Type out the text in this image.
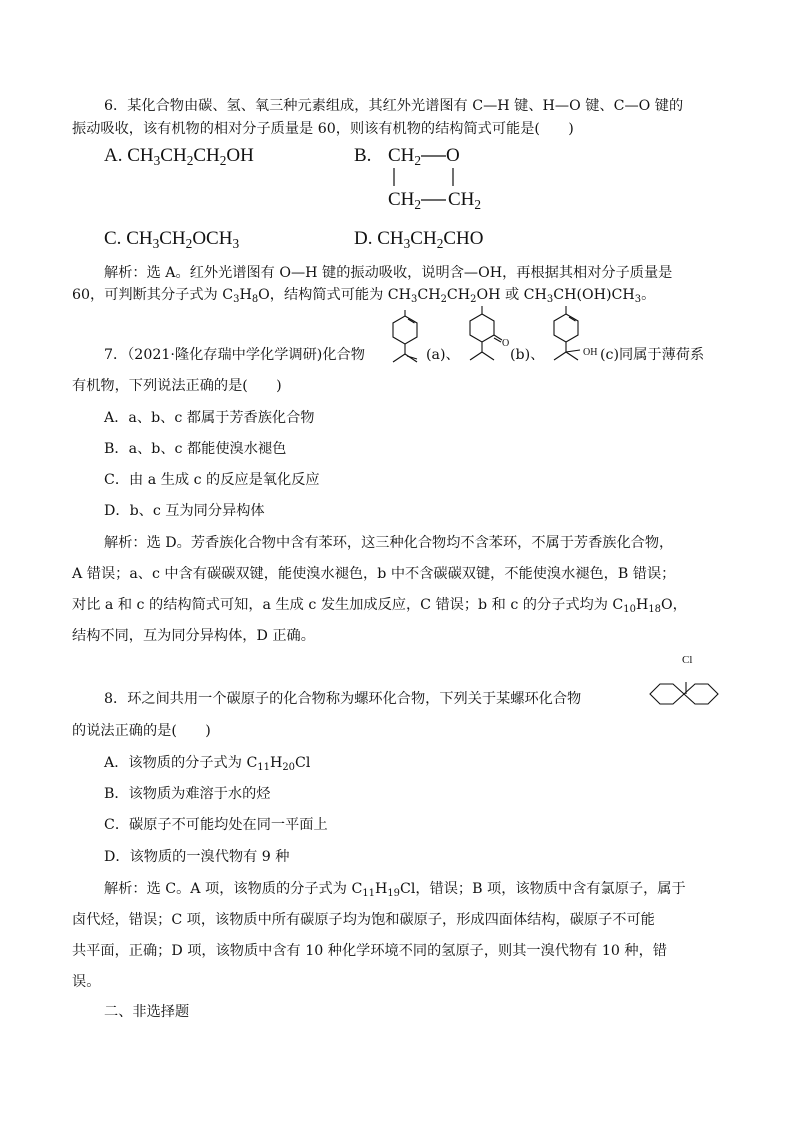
6．某化合物由碳、氢、氧三种元素组成，其红外光谱图有 C—H 键、H—O 键、C—O 键的
振动吸收，该有机物的相对分子质量是 60，则该有机物的结构简式可能是(　　)
A. $CH_3CH_2CH_2OH$	B. $CH_2$ O
$CH_2$ $CH_2$
C. $CH_3CH_2OCH_3$	D. $CH_3CH_2CHO$
解析：选 A。红外光谱图有 O—H 键的振动吸收，说明含—OH，再根据其相对分子质量是
60，可判断其分子式为 $C_3H_8O$，结构简式可能为 $CH_3CH_2CH_2OH$ 或 $CH_3CH(OH)CH_3$。
7．（2021·隆化存瑞中学化学调研)化合物	(a)、
O
(b)、	OH (c)同属于薄荷系
有机物，下列说法正确的是(　　)
A．a、b、c 都属于芳香族化合物
B．a、b、c 都能使溴水褪色
C．由 a 生成 c 的反应是氧化反应
D．b、c 互为同分异构体
解析：选 D。芳香族化合物中含有苯环，这三种化合物均不含苯环，不属于芳香族化合物，
A 错误；a、c 中含有碳碳双键，能使溴水褪色，b 中不含碳碳双键，不能使溴水褪色，B 错误；
对比 a 和 c 的结构简式可知，a 生成 c 发生加成反应，C 错误；b 和 c 的分子式均为 $C_{10}H_{18}O$，
结构不同，互为同分异构体，D 正确。
8．环之间共用一个碳原子的化合物称为螺环化合物，下列关于某螺环化合物
Cl
的说法正确的是(　　)
A．该物质的分子式为 $C_{11}H_{20}Cl$
B．该物质为难溶于水的烃
C．碳原子不可能均处在同一平面上
D．该物质的一溴代物有 9 种
解析：选 C。A 项，该物质的分子式为 $C_{11}H_{19}Cl$，错误；B 项，该物质中含有氯原子，属于
卤代烃，错误；C 项，该物质中所有碳原子均为饱和碳原子，形成四面体结构，碳原子不可能
共平面，正确；D 项，该物质中含有 10 种化学环境不同的氢原子，则其一溴代物有 10 种，错
误。
二、非选择题
